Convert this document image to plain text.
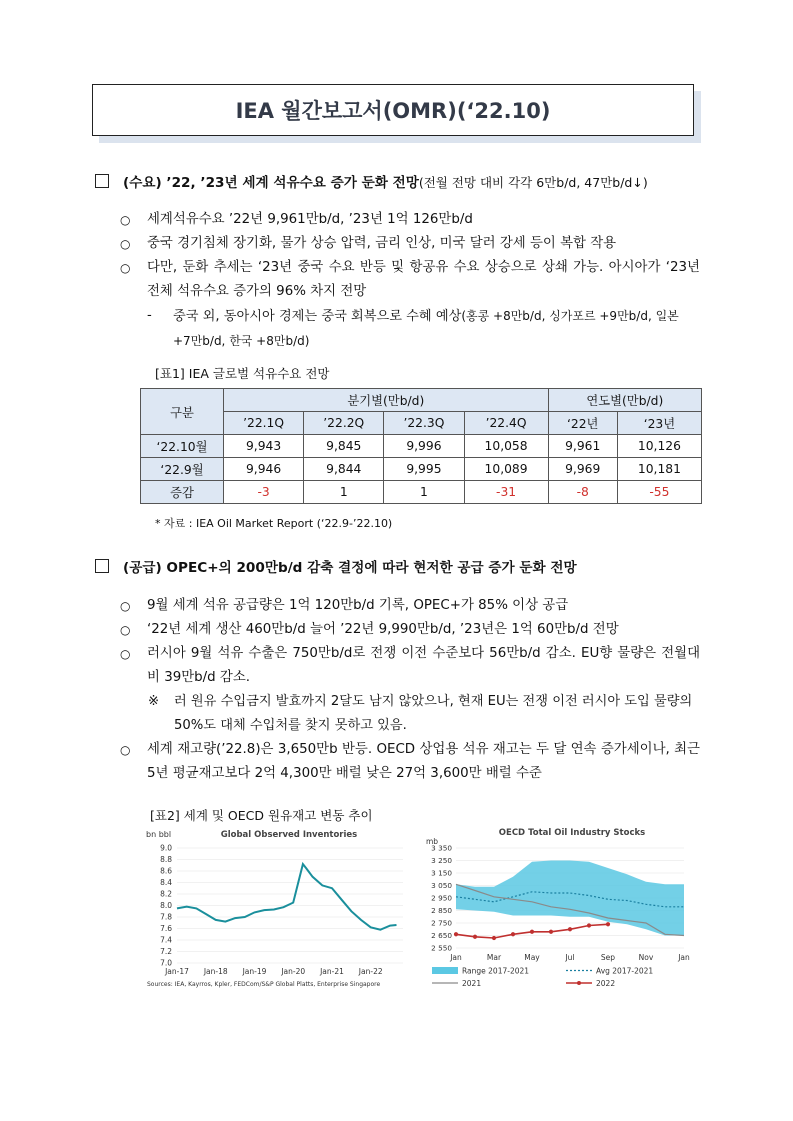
IEA 월간보고서(OMR)(‘22.10)
(수요) ’22, ’23년 세계 석유수요 증가 둔화 전망(전월 전망 대비 각각 6만b/d, 47만b/d↓)
○ 세계석유수요 ’22년 9,961만b/d, ’23년 1억 126만b/d
○ 중국 경기침체 장기화, 물가 상승 압력, 금리 인상, 미국 달러 강세 등이 복합 작용
○ 다만, 둔화 추세는 ‘23년 중국 수요 반등 및 항공유 수요 상승으로 상쇄 가능. 아시아가 ‘23년 전체 석유수요 증가의 96% 차지 전망
- 중국 외, 동아시아 경제는 중국 회복으로 수혜 예상(홍콩 +8만b/d, 싱가포르 +9만b/d, 일본 +7만b/d, 한국 +8만b/d)
[표1] IEA 글로벌 석유수요 전망
구분	분기별(만b/d)				연도별(만b/d)	
	’22.1Q	’22.2Q	’22.3Q	’22.4Q	‘22년	‘23년
‘22.10월	9,943	9,845	9,996	10,058	9,961	10,126
‘22.9월	9,946	9,844	9,995	10,089	9,969	10,181
증감	-3	1	1	-31	-8	-55
* 자료 : IEA Oil Market Report (‘22.9-’22.10)
(공급) OPEC+의 200만b/d 감축 결정에 따라 현저한 공급 증가 둔화 전망
○ 9월 세계 석유 공급량은 1억 120만b/d 기록, OPEC+가 85% 이상 공급
○ ‘22년 세계 생산 460만b/d 늘어 ’22년 9,990만b/d, ’23년은 1억 60만b/d 전망
○ 러시아 9월 석유 수출은 750만b/d로 전쟁 이전 수준보다 56만b/d 감소. EU향 물량은 전월대비 39만b/d 감소.
※ 러 원유 수입금지 발효까지 2달도 남지 않았으나, 현재 EU는 전쟁 이전 러시아 도입 물량의 50%도 대체 수입처를 찾지 못하고 있음.
○ 세계 재고량(’22.8)은 3,650만b 반등. OECD 상업용 석유 재고는 두 달 연속 증가세이나, 최근 5년 평균재고보다 2억 4,300만 배럴 낮은 27억 3,600만 배럴 수준
[표2] 세계 및 OECD 원유재고 변동 추이
bn bbl	Global Observed Inventories
9.0
8.8
8.6
8.4
8.2
8.0
7.8
7.6
7.4
7.2
7.0
Jan-17 Jan-18 Jan-19 Jan-20 Jan-21 Jan-22
Sources: IEA, Kayrros, Kpler, FEDCom/S&P Global Platts, Enterprise Singapore
OECD Total Oil Industry Stocks
mb
3 350
3 250
3 150
3 050
2 950
2 850
2 750
2 650
2 550
Jan	Mar	May	Jul	Sep	Nov	Jan
Range 2017-2021	Avg 2017-2021
2021	2022
